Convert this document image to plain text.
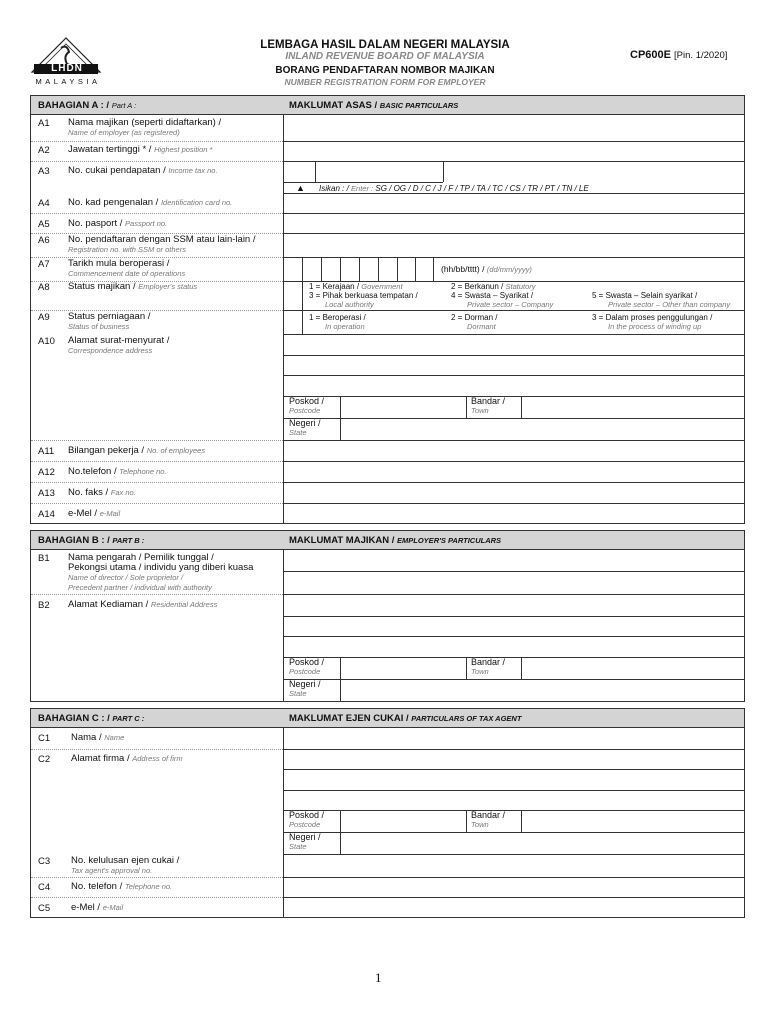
LHDN
MALAYSIA
LEMBAGA HASIL DALAM NEGERI MALAYSIA
INLAND REVENUE BOARD OF MALAYSIA
BORANG PENDAFTARAN NOMBOR MAJIKAN
NUMBER REGISTRATION FORM FOR EMPLOYER
CP600E [Pin. 1/2020]
BAHAGIAN A : / Part A :	MAKLUMAT ASAS / BASIC PARTICULARS
A1 Nama majikan (seperti didaftarkan) /
Name of employer (as registered)
A2 Jawatan tertinggi * / Highest position *
A3 No. cukai pendapatan / Income tax no.
▲ Isikan : / Enter : SG / OG / D / C / J / F / TP / TA / TC / CS / TR / PT / TN / LE
A4 No. kad pengenalan / Identification card no.
A5 No. pasport / Passport no.
A6 No. pendaftaran dengan SSM atau lain-lain /
Registration no. with SSM or others
A7 Tarikh mula beroperasi /
Commencement date of operations	(hh/bb/tttt) / (dd/mm/yyyy)
A8 Status majikan / Employer's status	1 = Kerajaan / Government
3 = Pihak berkuasa tempatan /
Local authority
2 = Berkanun / Statutory
4 = Swasta – Syarikat /
Private sector – Company
5 = Swasta – Selain syarikat /
Private sector – Other than company
A9 Status perniagaan /
Status of business
1 = Beroperasi /
In operation
2 = Dorman /
Dormant
3 = Dalam proses penggulungan /
In the process of winding up
A10 Alamat surat-menyurat /
Correspondence address
Poskod /
Postcode
Bandar /
Town
Negeri /
State
A11 Bilangan pekerja / No. of employees
A12 No.telefon / Telephone no.
A13 No. faks / Fax no.
A14 e-Mel / e-Mail
BAHAGIAN B : / PART B :	MAKLUMAT MAJIKAN / EMPLOYER'S PARTICULARS
B1 Nama pengarah / Pemilik tunggal /
Pekongsi utama / individu yang diberi kuasa
Name of director / Sole proprietor /
Precedent partner / individual with authority
B2 Alamat Kediaman / Residential Address
Poskod /
Postcode
Bandar /
Town
Negeri /
State
BAHAGIAN C : / PART C :	MAKLUMAT EJEN CUKAI / PARTICULARS OF TAX AGENT
C1 Nama / Name
C2 Alamat firma / Address of firm
Poskod /
Postcode
Bandar /
Town
Negeri /
State
C3 No. kelulusan ejen cukai /
Tax agent's approval no.
C4 No. telefon / Telephone no.
C5 e-Mel / e-Mail
1
